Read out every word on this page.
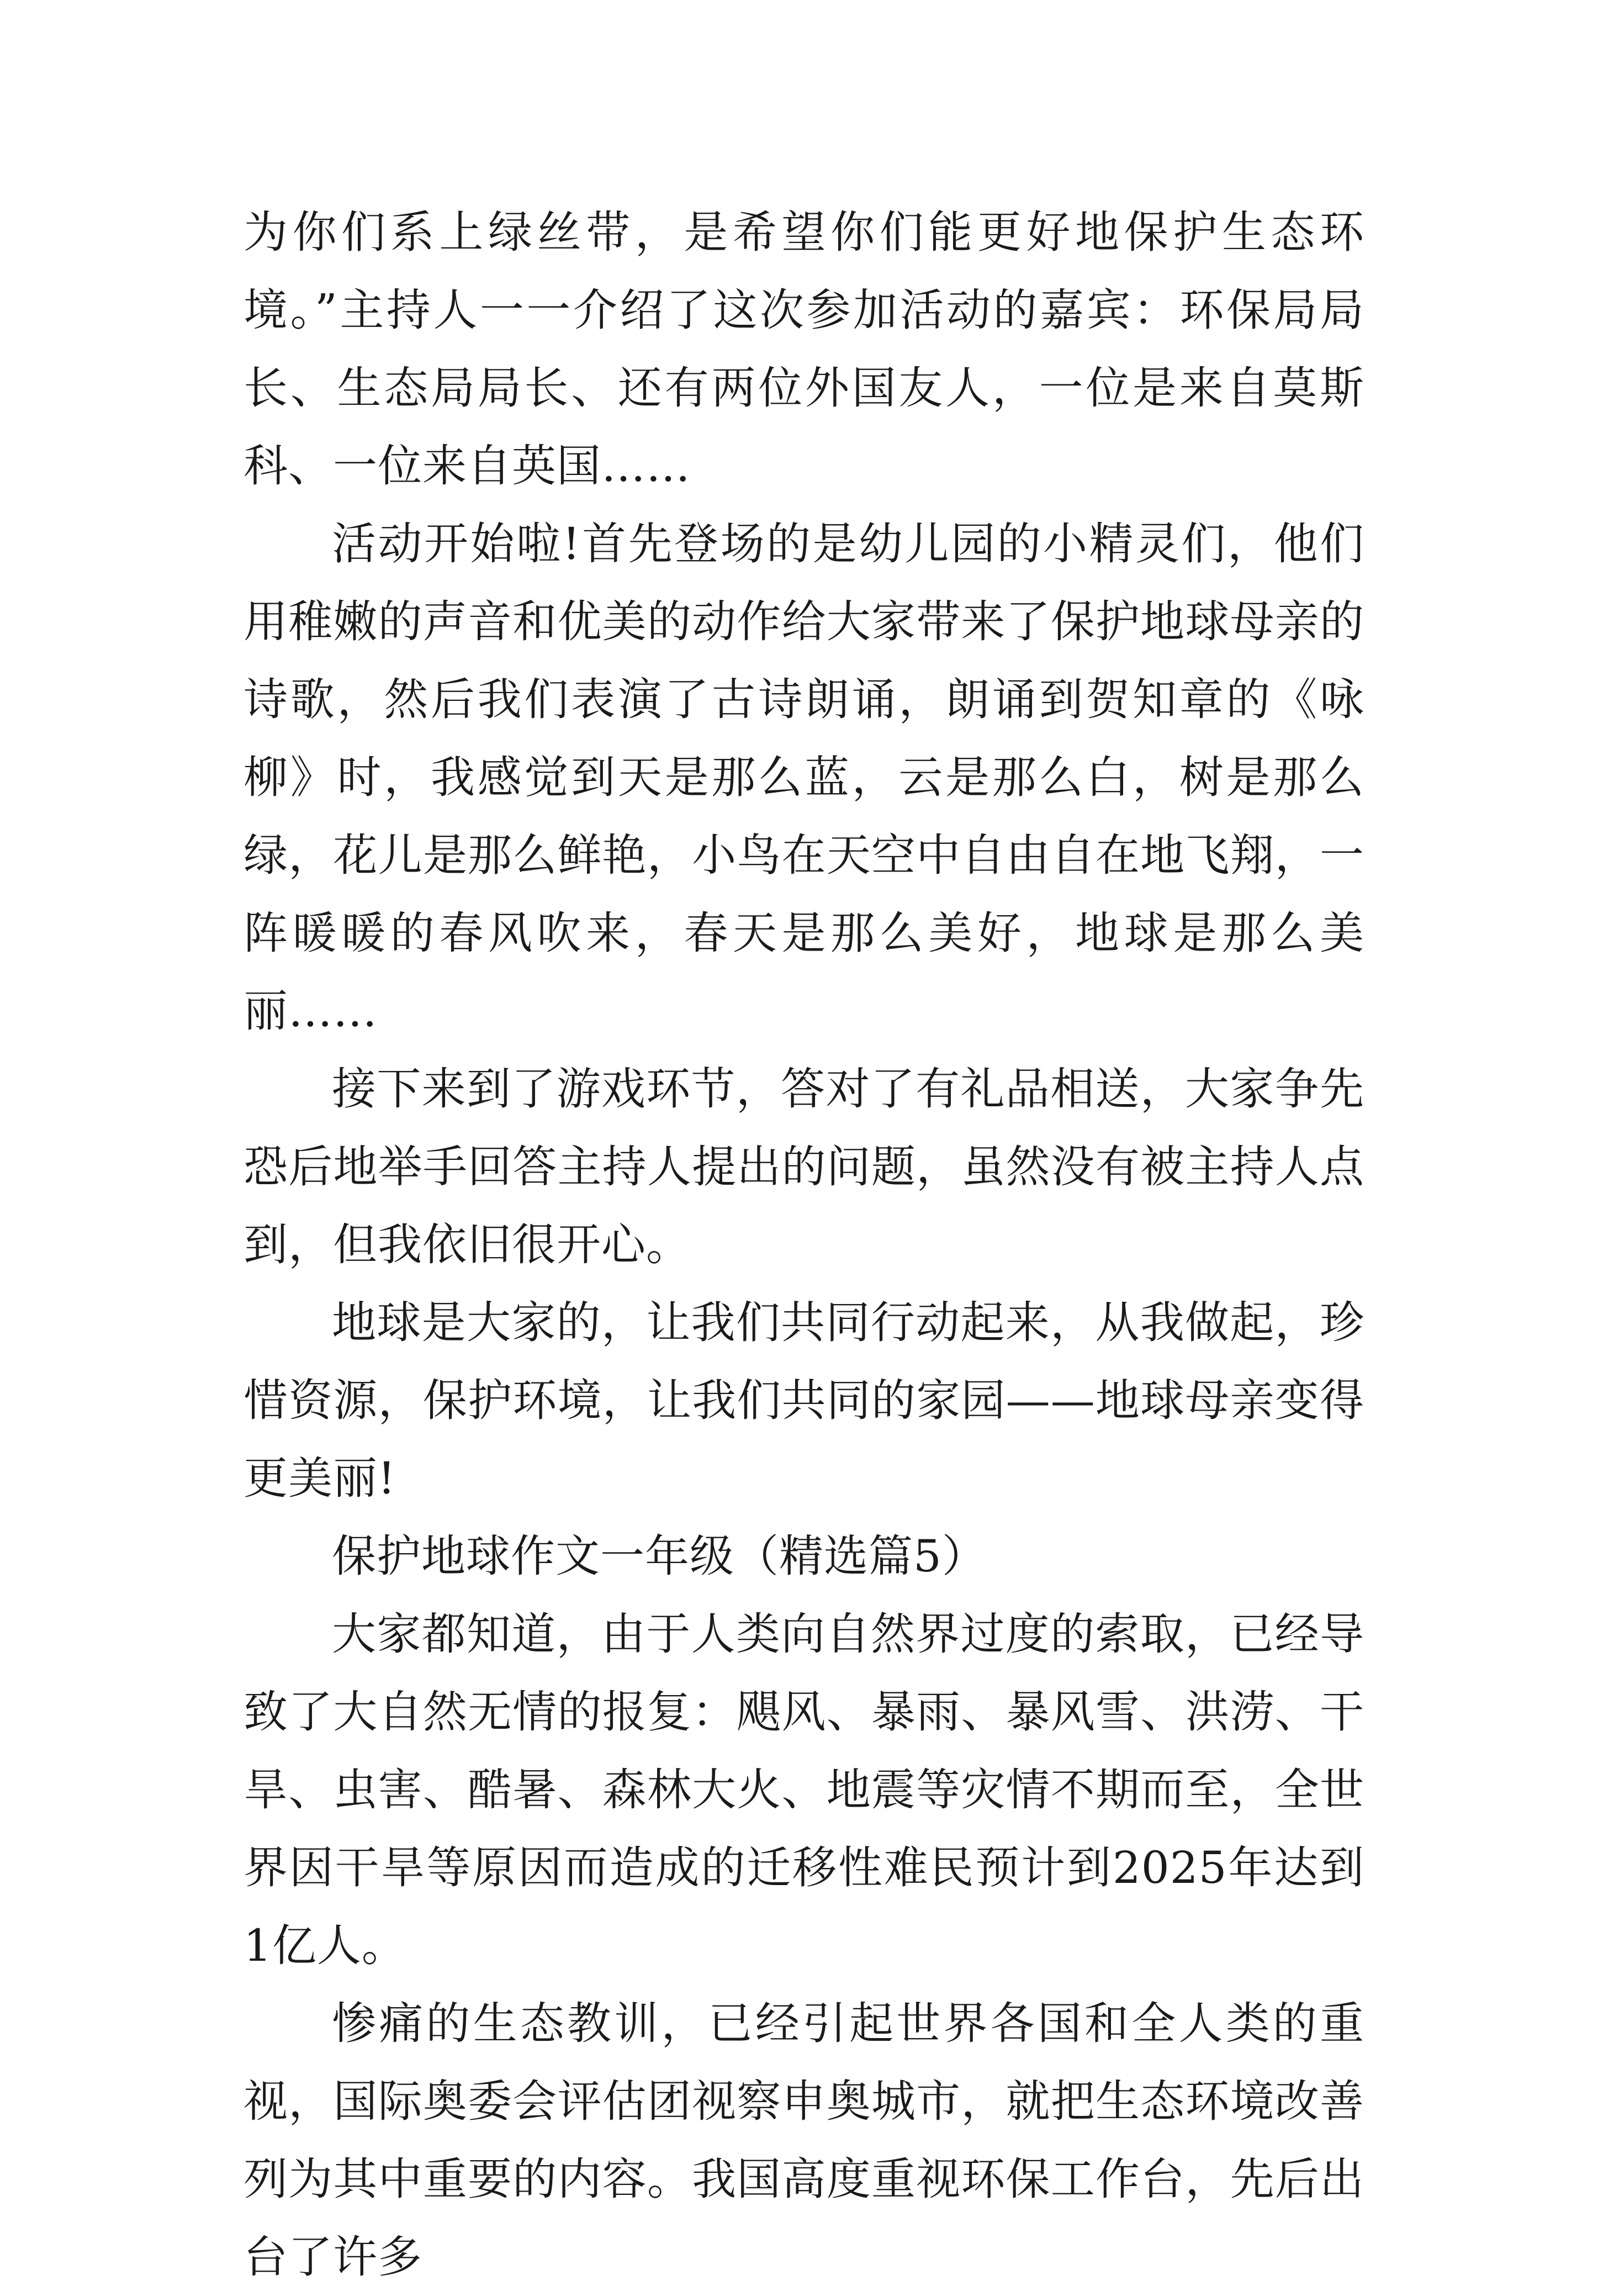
为你们系上绿丝带，是希望你们能更好地保护生态环境。”主持人一一介绍了这次参加活动的嘉宾：环保局局长、生态局局长、还有两位外国友人，一位是来自莫斯科、一位来自英国……

活动开始啦!首先登场的是幼儿园的小精灵们，他们用稚嫩的声音和优美的动作给大家带来了保护地球母亲的诗歌，然后我们表演了古诗朗诵，朗诵到贺知章的《咏柳》时，我感觉到天是那么蓝，云是那么白，树是那么绿，花儿是那么鲜艳，小鸟在天空中自由自在地飞翔，一阵暖暖的春风吹来，春天是那么美好，地球是那么美丽……

接下来到了游戏环节，答对了有礼品相送，大家争先恐后地举手回答主持人提出的问题，虽然没有被主持人点到，但我依旧很开心。

地球是大家的，让我们共同行动起来，从我做起，珍惜资源，保护环境，让我们共同的家园——地球母亲变得更美丽!

保护地球作文一年级（精选篇5）

大家都知道，由于人类向自然界过度的索取，已经导致了大自然无情的报复：飓风、暴雨、暴风雪、洪涝、干旱、虫害、酷暑、森林大火、地震等灾情不期而至，全世界因干旱等原因而造成的迁移性难民预计到2025年达到1亿人。

惨痛的生态教训，已经引起世界各国和全人类的重视，国际奥委会评估团视察申奥城市，就把生态环境改善列为其中重要的内容。我国高度重视环保工作台，先后出台了许多
